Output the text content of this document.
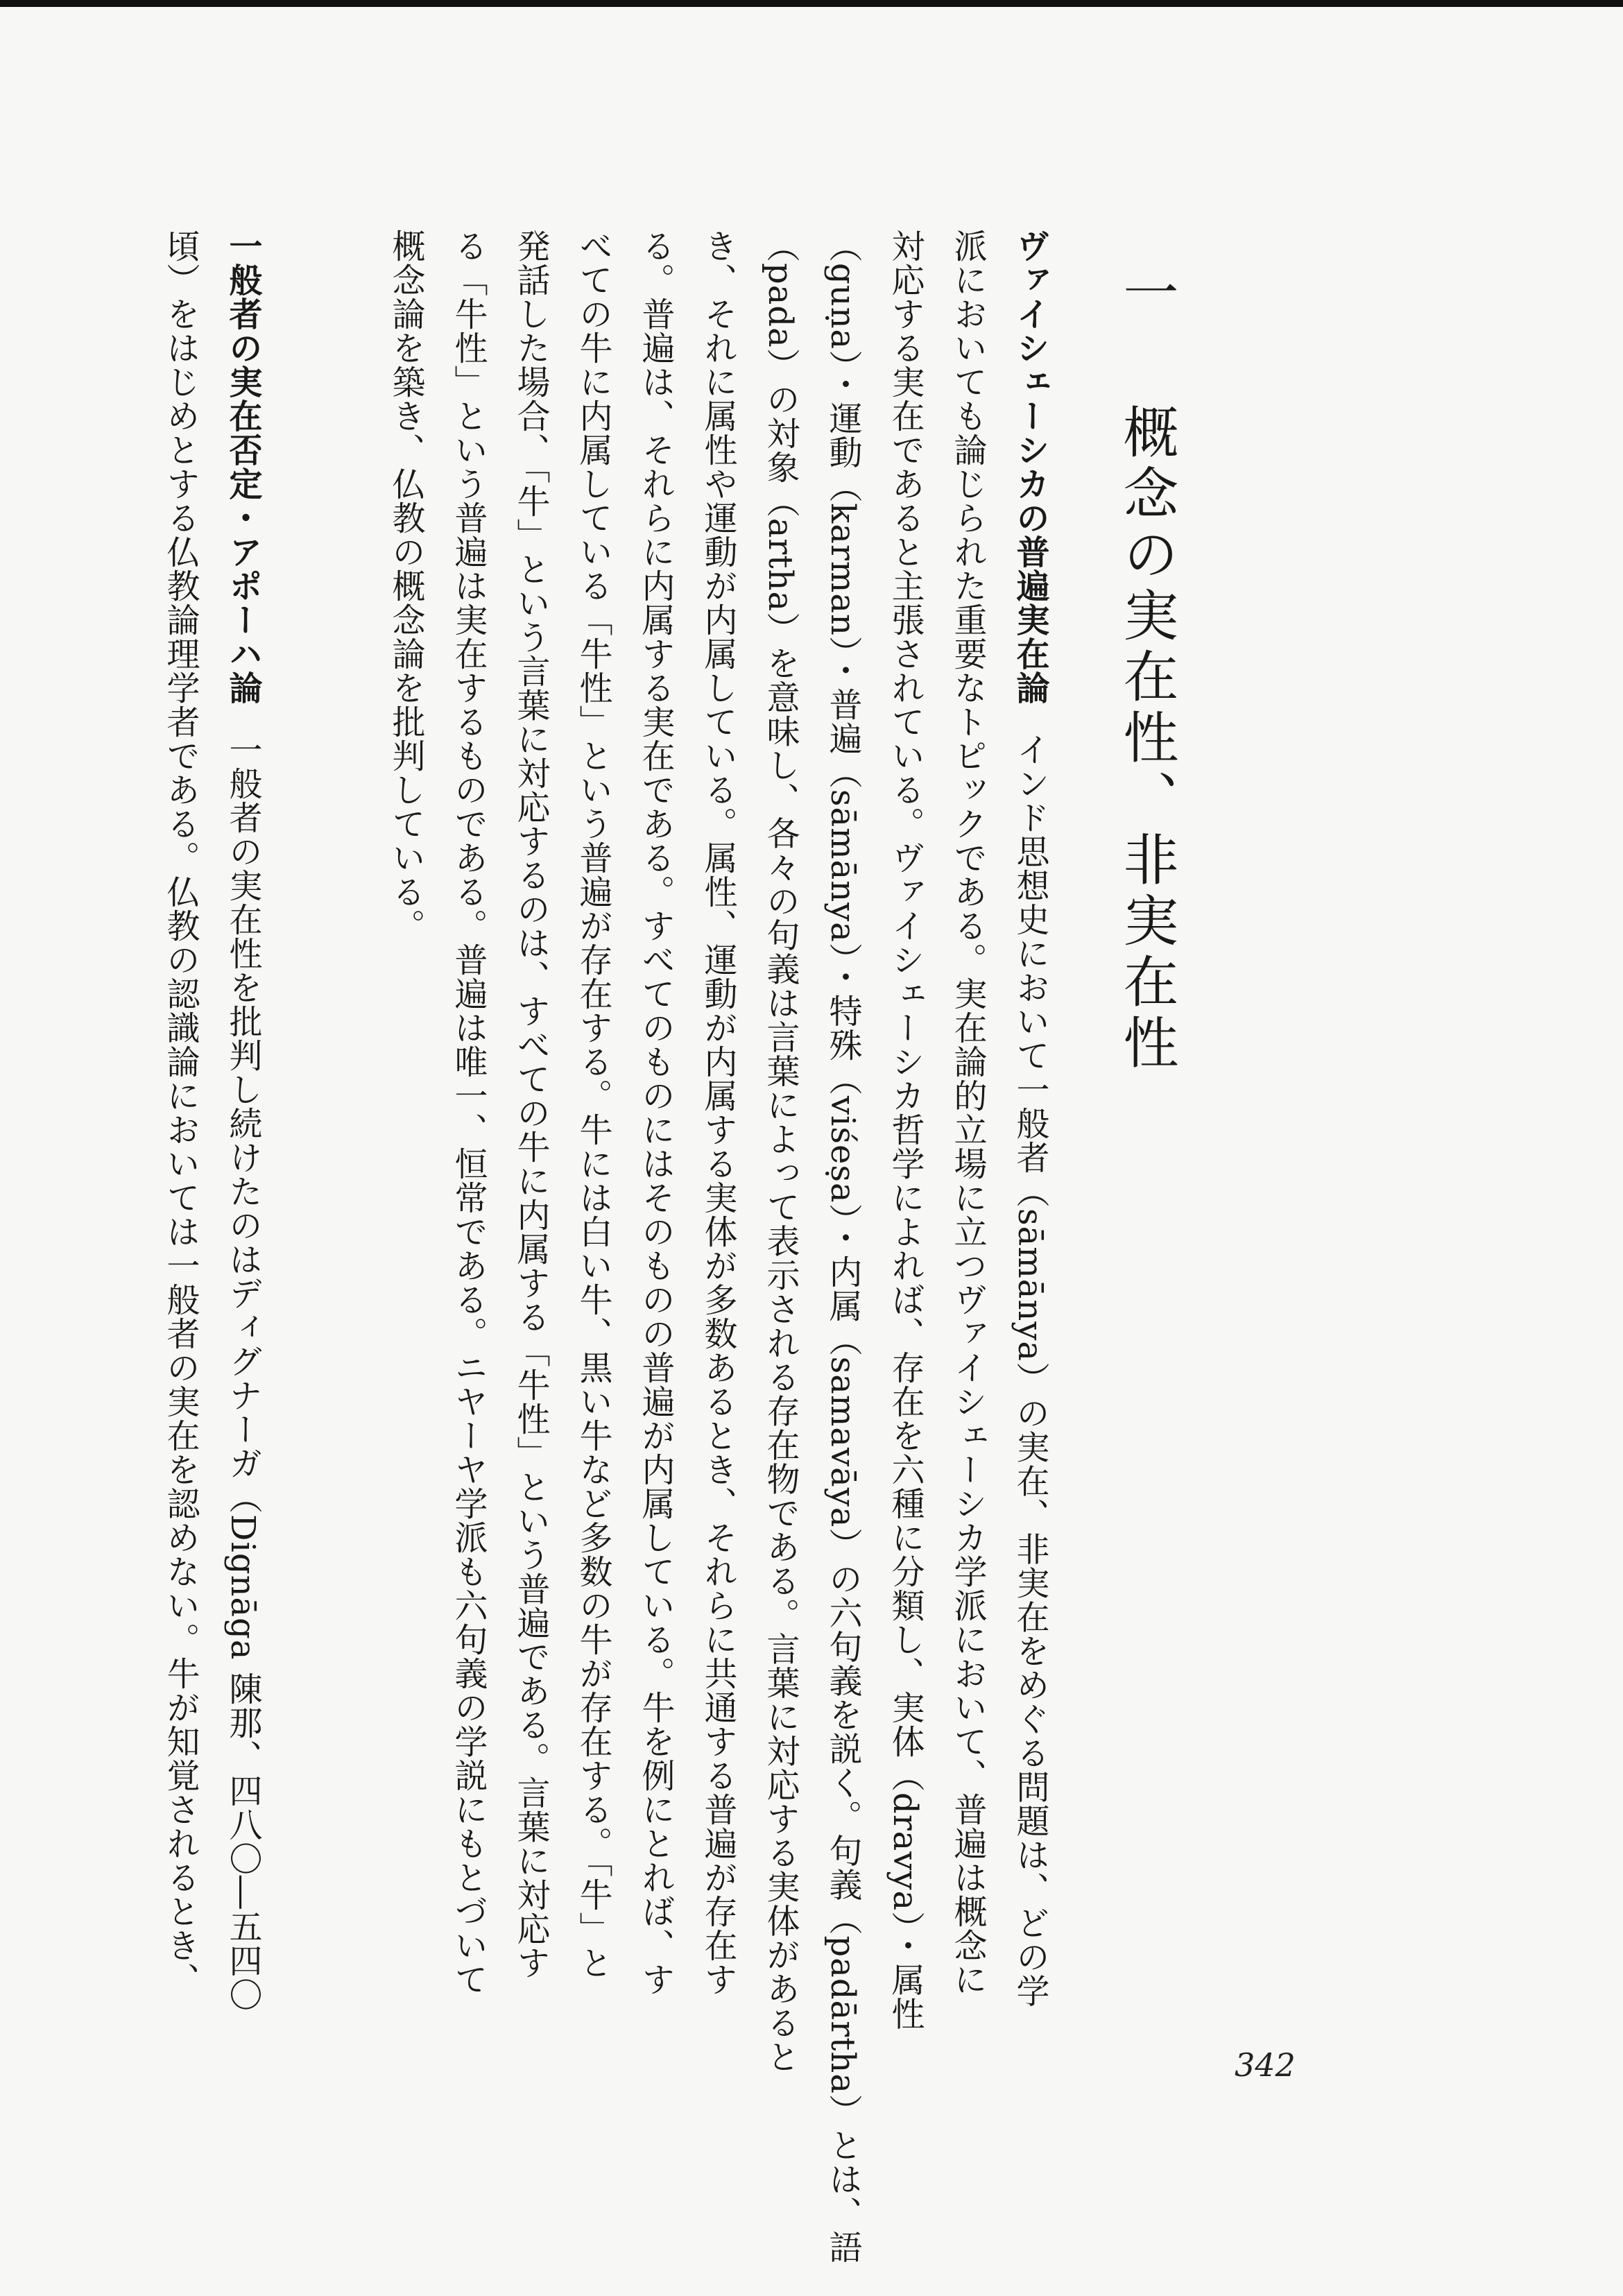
一 概念の実在性、非実在性
ヴァイシェーシカの普遍実在論インド思想史において一般者（sāmānya）の実在、非実在をめぐる問題は、どの学
派においても論じられた重要なトピックである。実在論的立場に立つヴァイシェーシカ学派において、普遍は概念に
対応する実在であると主張されている。ヴァイシェーシカ哲学によれば、存在を六種に分類し、実体（dravya）・属性
（guṇa）・運動（karman）・普遍（sāmānya）・特殊（viśeṣa）・内属（samavāya）の六句義を説く。句義（padārtha）とは、語
（pada）の対象（artha）を意味し、各々の句義は言葉によって表示される存在物である。言葉に対応する実体があると
き、それに属性や運動が内属している。属性、運動が内属する実体が多数あるとき、それらに共通する普遍が存在す
る。普遍は、それらに内属する実在である。すべてのものにはそのものの普遍が内属している。牛を例にとれば、す
べての牛に内属している「牛性」という普遍が存在する。牛には白い牛、黒い牛など多数の牛が存在する。「牛」と
発話した場合、「牛」という言葉に対応するのは、すべての牛に内属する「牛性」という普遍である。言葉に対応す
る「牛性」という普遍は実在するものである。普遍は唯一、恒常である。ニヤーヤ学派も六句義の学説にもとづいて
概念論を築き、仏教の概念論を批判している。
一般者の実在否定・アポーハ論一般者の実在性を批判し続けたのはディグナーガ（Dignāga 陳那、四八〇―五四〇
頃）をはじめとする仏教論理学者である。仏教の認識論においては一般者の実在を認めない。牛が知覚されるとき、
342
